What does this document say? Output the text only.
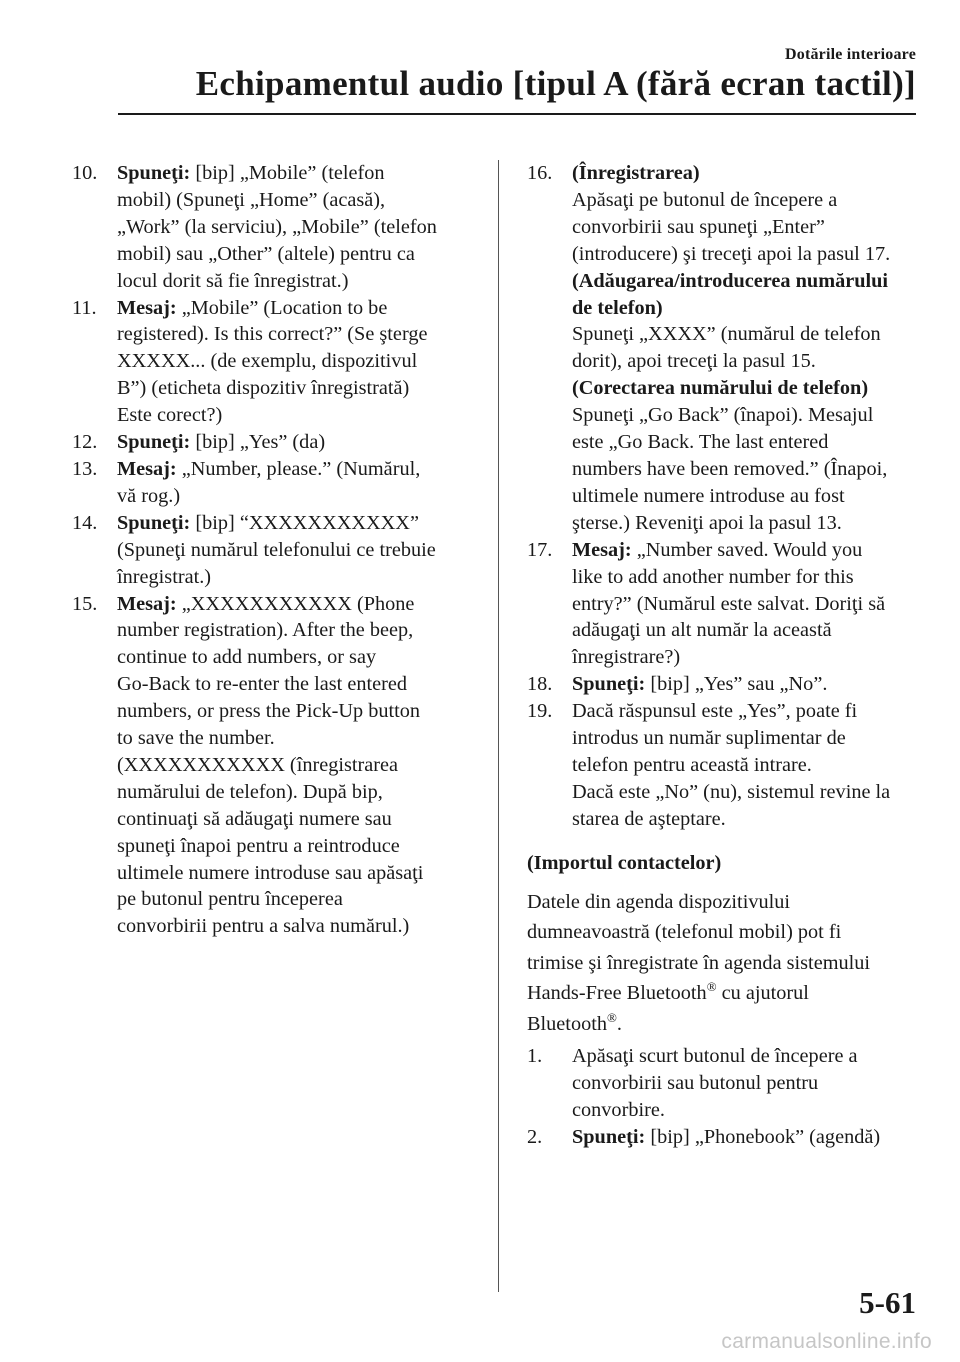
Dotările interioare
Echipamentul audio [tipul A (fără ecran tactil)]

10. Spuneţi: [bip] „Mobile” (telefon
mobil) (Spuneţi „Home” (acasă),
„Work” (la serviciu), „Mobile” (telefon
mobil) sau „Other” (altele) pentru ca
locul dorit să fie înregistrat.)

11. Mesaj: „Mobile” (Location to be
registered). Is this correct?” (Se şterge
XXXXX... (de exemplu, dispozitivul
B”) (eticheta dispozitiv înregistrată)
Este corect?)

12. Spuneţi: [bip] „Yes” (da)

13. Mesaj: „Number, please.” (Numărul,
vă rog.)

14. Spuneţi: [bip] “XXXXXXXXXXX”
(Spuneţi numărul telefonului ce trebuie
înregistrat.)

15. Mesaj: „XXXXXXXXXXX (Phone
number registration). After the beep,
continue to add numbers, or say
Go-Back to re-enter the last entered
numbers, or press the Pick-Up button
to save the number.
(XXXXXXXXXXX (înregistrarea
numărului de telefon). După bip,
continuaţi să adăugaţi numere sau
spuneţi înapoi pentru a reintroduce
ultimele numere introduse sau apăsaţi
pe butonul pentru începerea
convorbirii pentru a salva numărul.)

16. (Înregistrarea)

Apăsaţi pe butonul de începere a
convorbirii sau spuneţi „Enter”
(introducere) şi treceţi apoi la pasul 17.

(Adăugarea/introducerea numărului
de telefon)

Spuneţi „XXXX” (numărul de telefon
dorit), apoi treceţi la pasul 15.

(Corectarea numărului de telefon)

Spuneţi „Go Back” (înapoi). Mesajul
este „Go Back. The last entered
numbers have been removed.” (Înapoi,
ultimele numere introduse au fost
şterse.) Reveniţi apoi la pasul 13.

17. Mesaj: „Number saved. Would you
like to add another number for this
entry?” (Numărul este salvat. Doriţi să
adăugaţi un alt număr la această
înregistrare?)

18. Spuneţi: [bip] „Yes” sau „No”.

19. Dacă răspunsul este „Yes”, poate fi
introdus un număr suplimentar de
telefon pentru această intrare.
Dacă este „No” (nu), sistemul revine la
starea de aşteptare.

(Importul contactelor)

Datele din agenda dispozitivului
dumneavoastră (telefonul mobil) pot fi
trimise şi înregistrate în agenda sistemului
Hands-Free Bluetooth® cu ajutorul
Bluetooth®.

1. Apăsaţi scurt butonul de începere a
convorbirii sau butonul pentru
convorbire.

2. Spuneţi: [bip] „Phonebook” (agendă)

5-61
carmanualsonline.info
